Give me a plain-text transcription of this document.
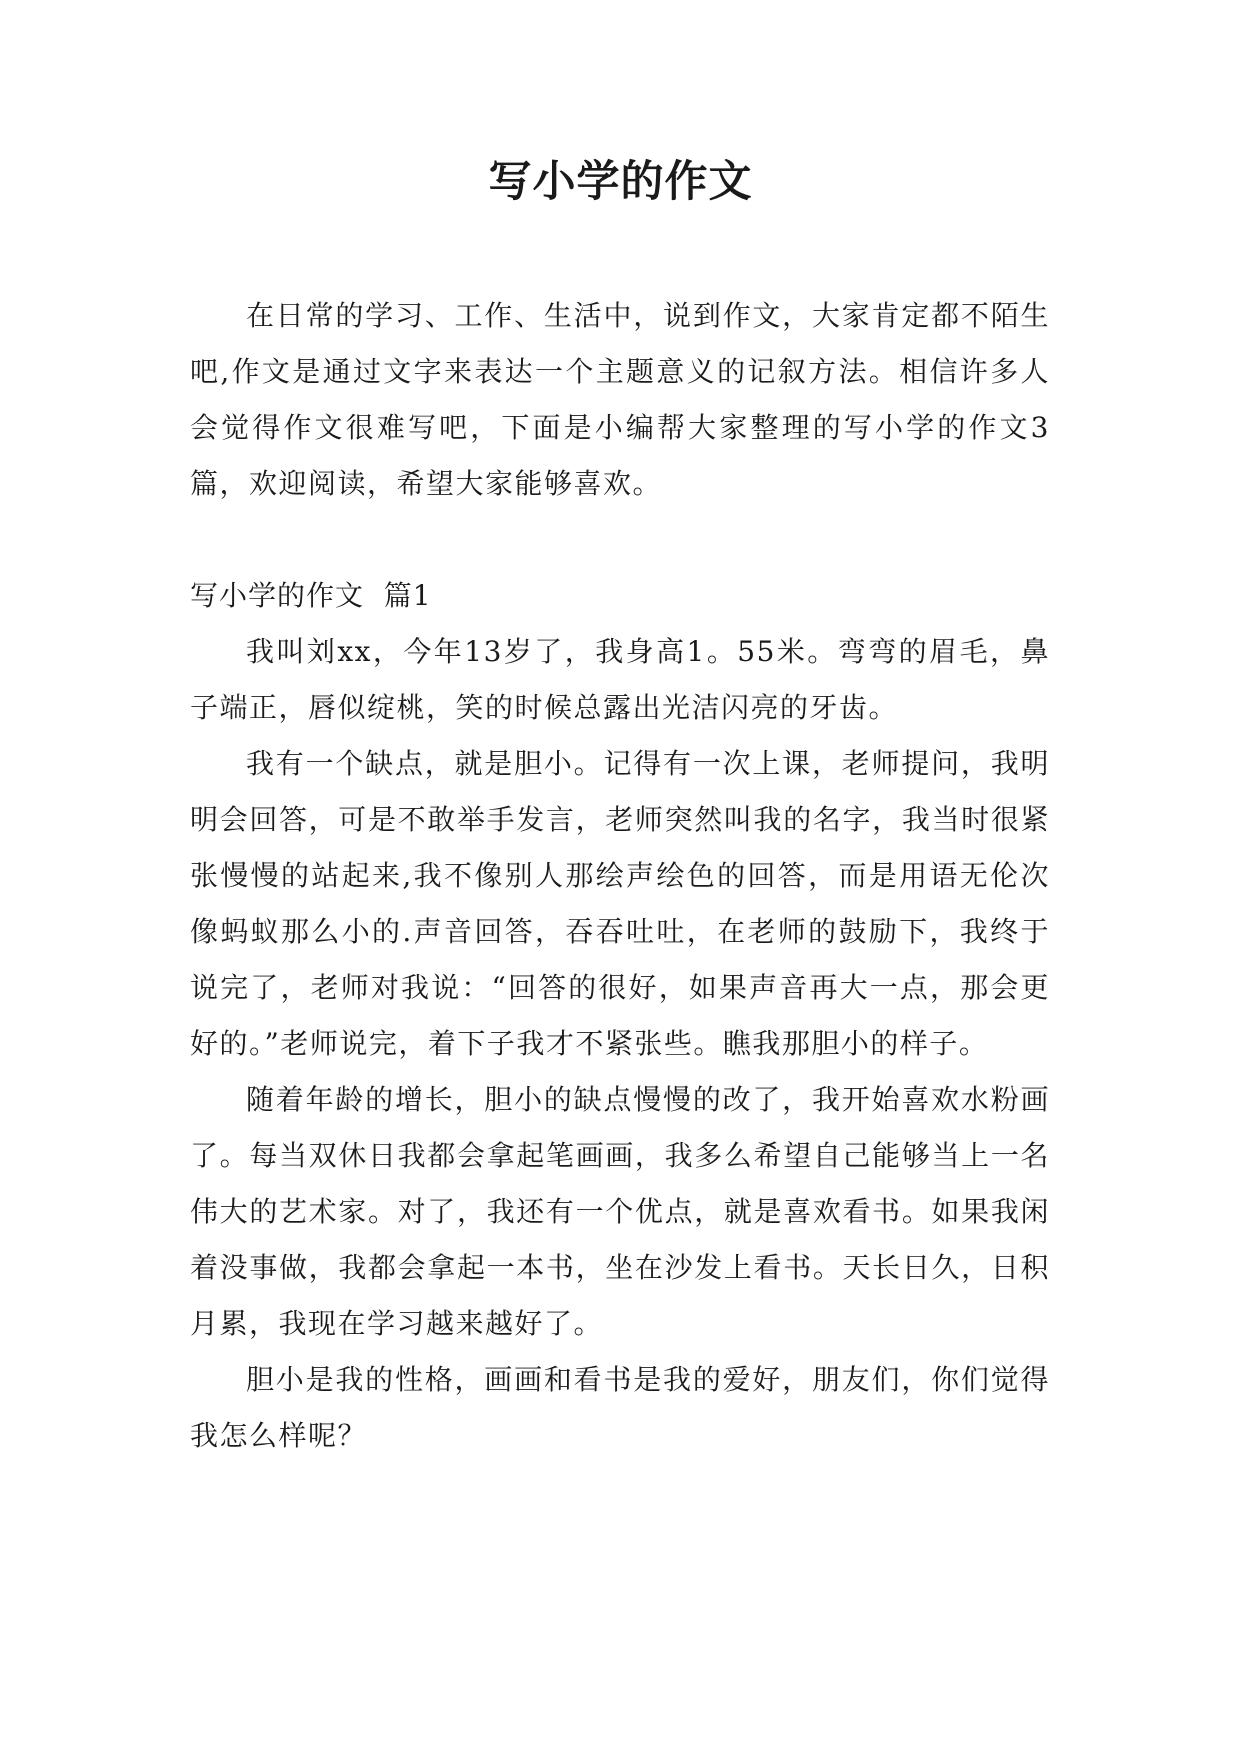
写小学的作文

在日常的学习、工作、生活中，说到作文，大家肯定都不陌生吧,作文是通过文字来表达一个主题意义的记叙方法。相信许多人会觉得作文很难写吧，下面是小编帮大家整理的写小学的作文3篇，欢迎阅读，希望大家能够喜欢。

写小学的作文  篇1

我叫刘xx，今年13岁了，我身高1。55米。弯弯的眉毛，鼻子端正，唇似绽桃，笑的时候总露出光洁闪亮的牙齿。

我有一个缺点，就是胆小。记得有一次上课，老师提问，我明明会回答，可是不敢举手发言，老师突然叫我的名字，我当时很紧张慢慢的站起来,我不像别人那绘声绘色的回答，而是用语无伦次像蚂蚁那么小的.声音回答，吞吞吐吐，在老师的鼓励下，我终于说完了，老师对我说：“回答的很好，如果声音再大一点，那会更好的。”老师说完，着下子我才不紧张些。瞧我那胆小的样子。

随着年龄的增长，胆小的缺点慢慢的改了，我开始喜欢水粉画了。每当双休日我都会拿起笔画画，我多么希望自己能够当上一名伟大的艺术家。对了，我还有一个优点，就是喜欢看书。如果我闲着没事做，我都会拿起一本书，坐在沙发上看书。天长日久，日积月累，我现在学习越来越好了。

胆小是我的性格，画画和看书是我的爱好，朋友们，你们觉得我怎么样呢？
